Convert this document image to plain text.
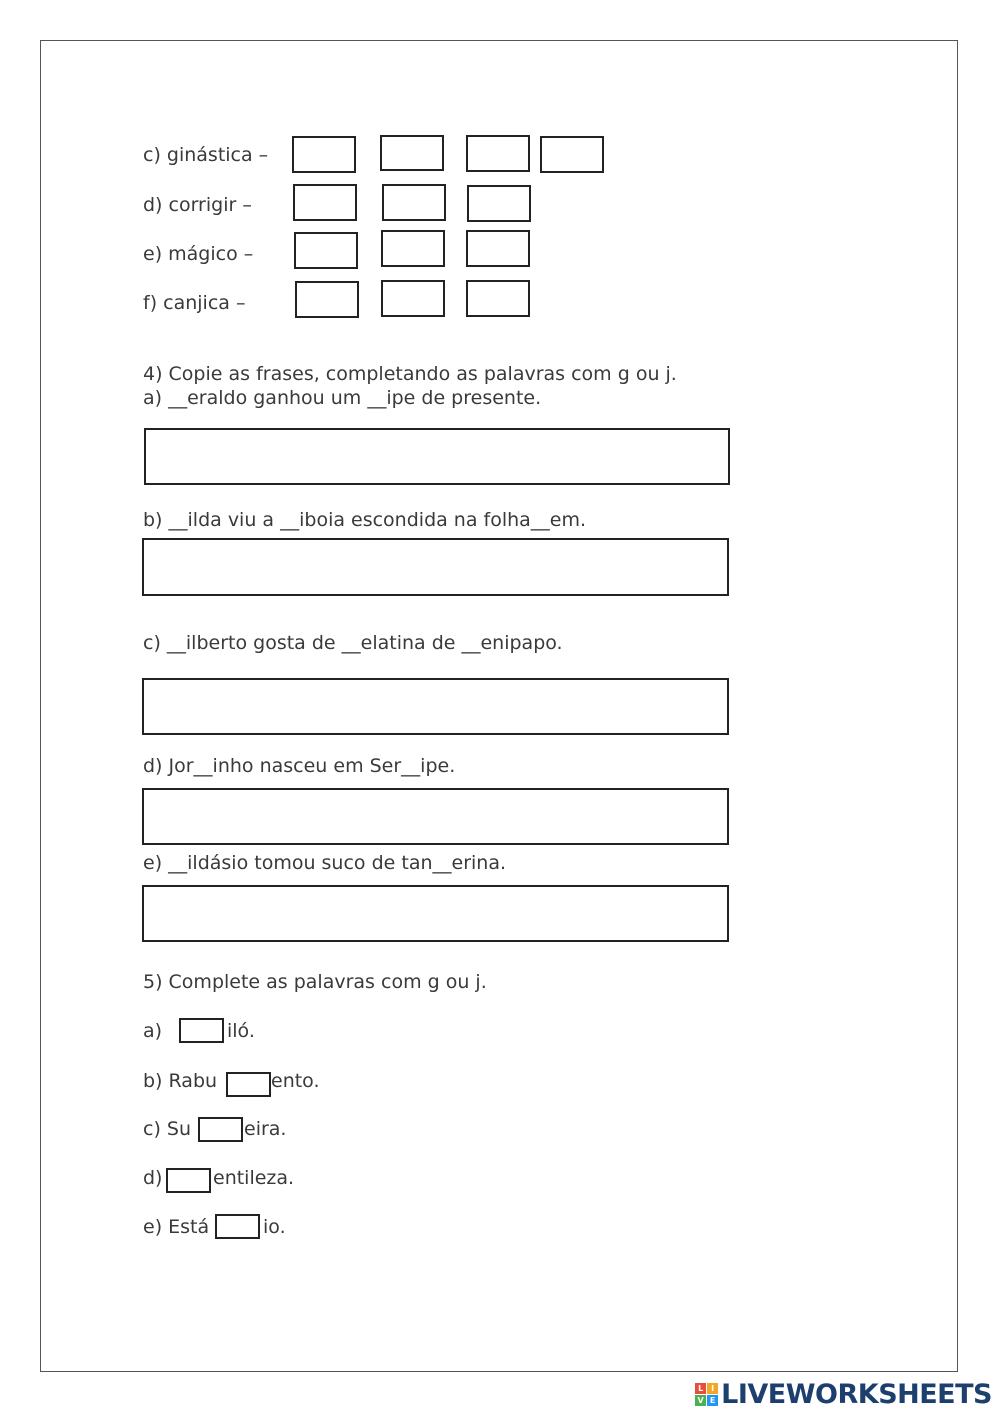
c) ginástica –
d) corrigir –
e) mágico –
f) canjica –
4) Copie as frases, completando as palavras com g ou j.
a) __eraldo ganhou um __ipe de presente.
b) __ilda viu a __iboia escondida na folha__em.
c) __ilberto gosta de __elatina de __enipapo.
d) Jor__inho nasceu em Ser__ipe.
e) __ildásio tomou suco de tan__erina.
5) Complete as palavras com g ou j.
a)	iló.
b) Rabu	ento.
c) Su	eira.
d)	entileza.
e) Está	io.
L I
V E LIVEWORKSHEETS
